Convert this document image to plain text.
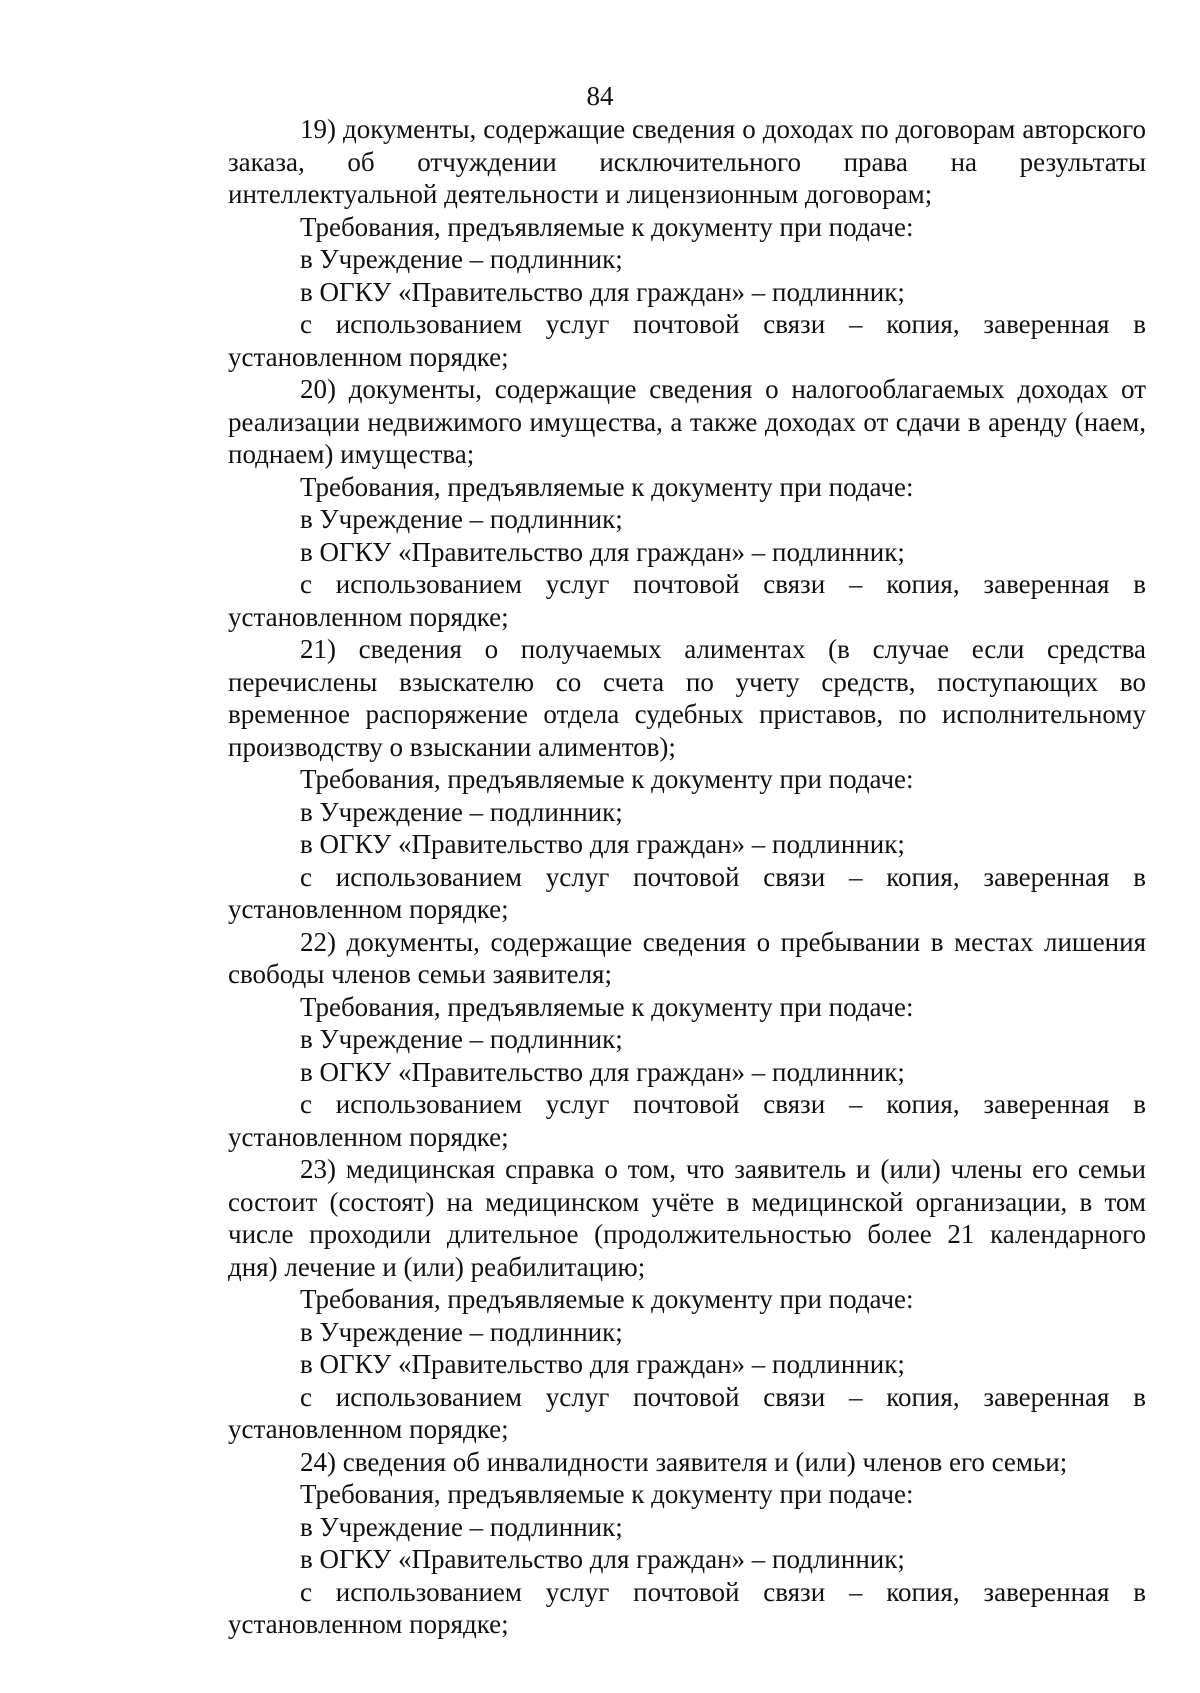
84

19) документы, содержащие сведения о доходах по договорам авторского заказа, об отчуждении исключительного права на результаты интеллектуальной деятельности и лицензионным договорам;

Требования, предъявляемые к документу при подаче:

в Учреждение – подлинник;

в ОГКУ «Правительство для граждан» – подлинник;

с использованием услуг почтовой связи – копия, заверенная в установленном порядке;

20) документы, содержащие сведения о налогооблагаемых доходах от реализации недвижимого имущества, а также доходах от сдачи в аренду (наем, поднаем) имущества;

Требования, предъявляемые к документу при подаче:

в Учреждение – подлинник;

в ОГКУ «Правительство для граждан» – подлинник;

с использованием услуг почтовой связи – копия, заверенная в установленном порядке;

21) сведения о получаемых алиментах (в случае если средства перечислены взыскателю со счета по учету средств, поступающих во временное распоряжение отдела судебных приставов, по исполнительному производству о взыскании алиментов);

Требования, предъявляемые к документу при подаче:

в Учреждение – подлинник;

в ОГКУ «Правительство для граждан» – подлинник;

с использованием услуг почтовой связи – копия, заверенная в установленном порядке;

22) документы, содержащие сведения о пребывании в местах лишения свободы членов семьи заявителя;

Требования, предъявляемые к документу при подаче:

в Учреждение – подлинник;

в ОГКУ «Правительство для граждан» – подлинник;

с использованием услуг почтовой связи – копия, заверенная в установленном порядке;

23) медицинская справка о том, что заявитель и (или) члены его семьи состоит (состоят) на медицинском учёте в медицинской организации, в том числе проходили длительное (продолжительностью более 21 календарного дня) лечение и (или) реабилитацию;

Требования, предъявляемые к документу при подаче:

в Учреждение – подлинник;

в ОГКУ «Правительство для граждан» – подлинник;

с использованием услуг почтовой связи – копия, заверенная в установленном порядке;

24) сведения об инвалидности заявителя и (или) членов его семьи;

Требования, предъявляемые к документу при подаче:

в Учреждение – подлинник;

в ОГКУ «Правительство для граждан» – подлинник;

с использованием услуг почтовой связи – копия, заверенная в установленном порядке;
